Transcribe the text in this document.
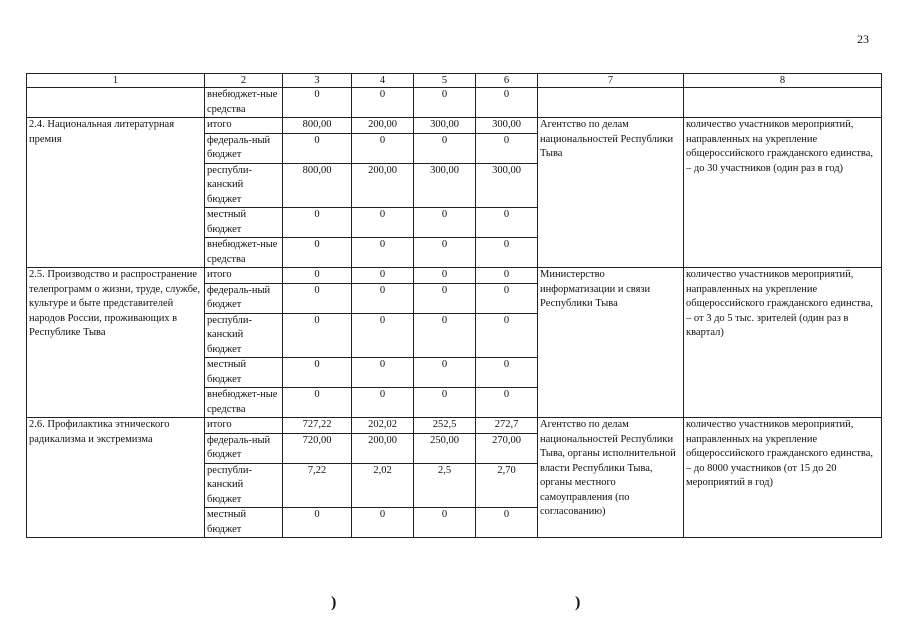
23
1	2	3	4	5	6	7	8
	внебюджет-ные средства	0	0	0	0		
2.4. Национальная литературная премия	итого	800,00	200,00	300,00	300,00	Агентство по делам национальностей Республики Тыва	количество участников мероприятий, направленных на укрепление общероссийского гражданского единства, – до 30 участников (один раз в год)
	федераль-ный бюджет	0	0	0	0		
	республи-канский бюджет	800,00	200,00	300,00	300,00		
	местный бюджет	0	0	0	0		
	внебюджет-ные средства	0	0	0	0		
2.5. Производство и распространение телепрограмм о жизни, труде, службе, культуре и быте представителей народов России, проживающих в Республике Тыва	итого	0	0	0	0	Министерство информатизации и связи Республики Тыва	количество участников мероприятий, направленных на укрепление общероссийского гражданского единства, – от 3 до 5 тыс. зрителей (один раз в квартал)
	федераль-ный бюджет	0	0	0	0		
	республи-канский бюджет	0	0	0	0		
	местный бюджет	0	0	0	0		
	внебюджет-ные средства	0	0	0	0		
2.6. Профилактика этнического радикализма и экстремизма	итого	727,22	202,02	252,5	272,7	Агентство по делам национальностей Республики Тыва, органы исполнительной власти Республики Тыва, органы местного самоуправления (по согласованию)	количество участников мероприятий, направленных на укрепление общероссийского гражданского единства, – до 8000 участников (от 15 до 20 мероприятий в год)
	федераль-ный бюджет	720,00	200,00	250,00	270,00		
	республи-канский бюджет	7,22	2,02	2,5	2,70		
	местный бюджет	0	0	0	0		
)	)
